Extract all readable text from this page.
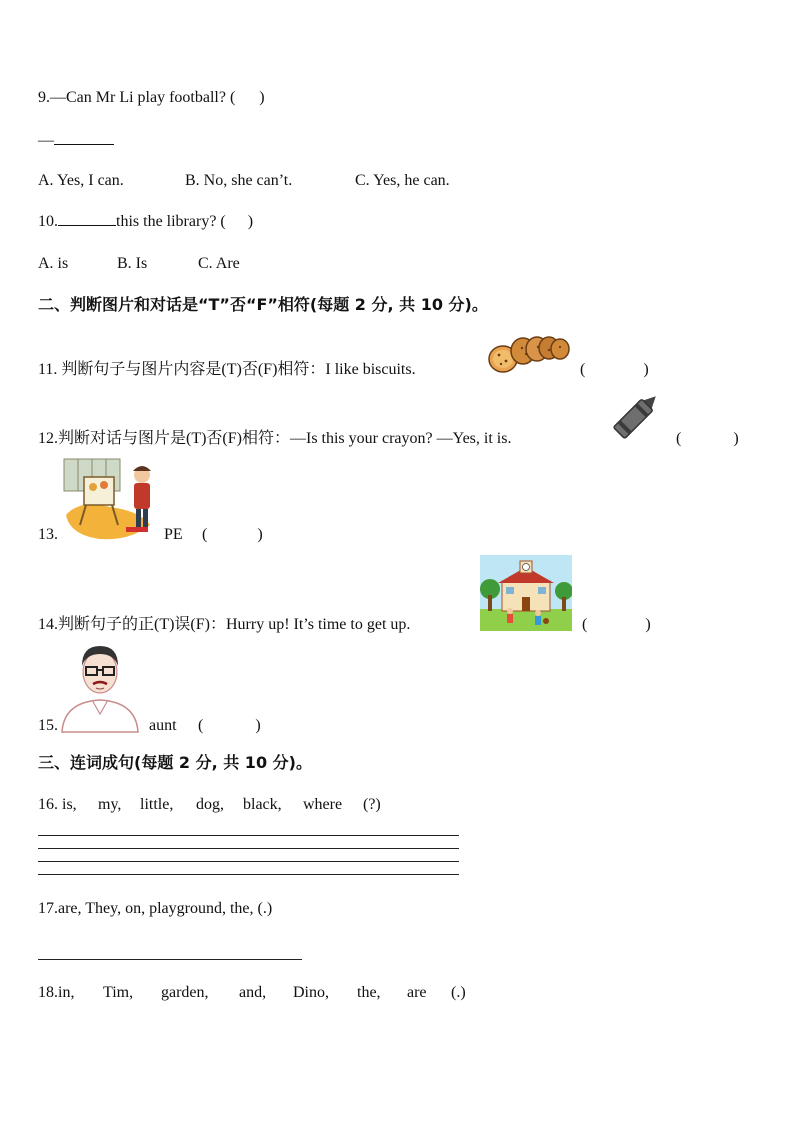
9.—Can Mr Li play football? ( )
—
A. Yes, I can.	B. No, she can’t.	C. Yes, he can.
10.	this the library? ( )
A. is	B. Is	C. Are
二、判断图片和对话是“T”否“F”相符(每题 2 分, 共 10 分)。
11. 判断句子与图片内容是(T)否(F)相符：I like biscuits.	(	)
12.判断对话与图片是(T)否(F)相符：—Is this your crayon? —Yes, it is.	(	)
13.	PE (	)
14.判断句子的正(T)误(F)：Hurry up! It’s time to get up.	(	)
15.	aunt (	)
三、连词成句(每题 2 分, 共 10 分)。
16. is, my, little, dog, black, where (?)
17.are, They, on, playground, the, (.)
18.in, Tim, garden, and, Dino, the, are (.)
